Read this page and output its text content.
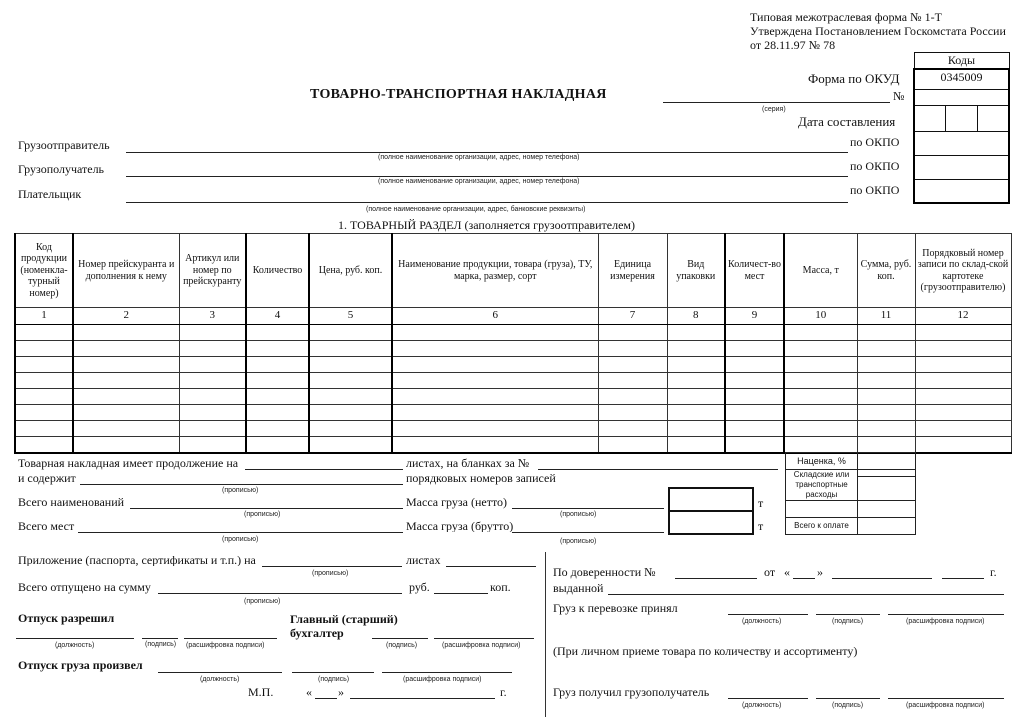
Типовая межотраслевая форма № 1-Т
Утверждена Постановлением Госкомстата России
от 28.11.97 № 78
Коды
0345009

Форма по ОКУД
ТОВАРНО-ТРАНСПОРТНАЯ НАКЛАДНАЯ
(серия)
№
Дата составления
Грузоотправитель
(полное наименование организации, адрес, номер телефона)
по ОКПО
Грузополучатель
(полное наименование организации, адрес, номер телефона)
по ОКПО
Плательщик
(полное наименование организации, адрес, банковские реквизиты)
по ОКПО
1. ТОВАРНЫЙ РАЗДЕЛ (заполняется грузоотправителем)
Код продукции (номенкла-турный номер)	Номер прейскуранта и дополнения к нему	Артикул или номер по прейскуранту	Количество	Цена, руб. коп.	Наименование продукции, товара (груза), ТУ, марка, размер, сорт	Единица измерения	Вид упаковки	Количест-во мест	Масса, т	Сумма, руб. коп.	Порядковый номер записи по склад-ской картотеке (грузоотправителю)
1	2	3	4	5	6	7	8	9	10	11	12

Наценка, %	
Складские или транспортные расходы	

Всего к оплате	
Товарная накладная имеет продолжение на	листах, на бланках за №
и содержит
(прописью)
порядковых номеров записей
Всего наименований
(прописью)
Масса груза (нетто)
(прописью)
Всего мест
(прописью)
Масса груза (брутто)
(прописью)

т
т
Приложение (паспорта, сертификаты и т.п.) на
(прописью)
листах
Всего отпущено на сумму
(прописью)
руб.	коп.
Отпуск разрешил
(должность)	(подпись) (расшифровка подписи)
Главный (старший) бухгалтер
(подпись)	(расшифровка подписи)
Отпуск груза произвел
(должность)	(подпись)	(расшифровка подписи)
М.П.	« »	г.
По доверенности №	от « »	г.
выданной
Груз к перевозке принял
(должность)	(подпись)	(расшифровка подписи)
(При личном приеме товара по количеству и ассортименту)
Груз получил грузополучатель
(должность)	(подпись)	(расшифровка подписи)
